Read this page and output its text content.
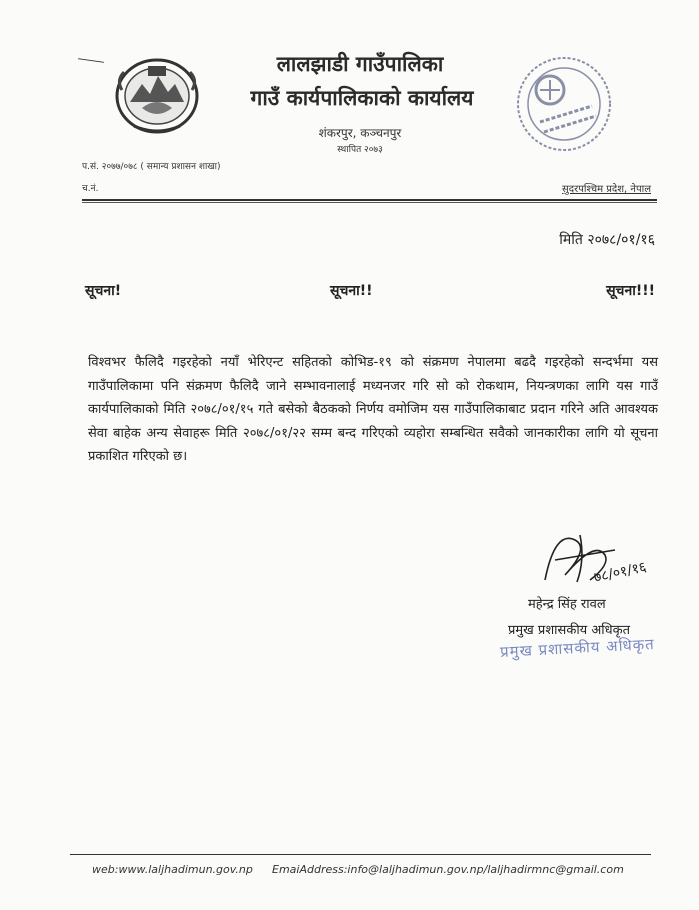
लालझाडी गाउँपालिका
गाउँ कार्यपालिकाको कार्यालय
शंकरपुर, कञ्चनपुर
स्थापित २०७३
प.सं. २०७७/०७८ ( समान्य प्रशासन शाखा)
च.नं.	सुदरपश्चिम प्रदेश, नेपाल
मिति २०७८/०१/१६
सूचना!	सूचना!!	सूचना!!!
विश्वभर फैलिदै गइरहेको नयाँ भेरिएन्ट सहितको कोभिड-१९ को संक्रमण नेपालमा बढदै गइरहेको सन्दर्भमा यस गाउँपालिकामा पनि संक्रमण फैलिदै जाने सम्भावनालाई मध्यनजर गरि सो को रोकथाम, नियन्त्रणका लागि यस गाउँ कार्यपालिकाको मिति २०७८/०१/१५ गते बसेको बैठकको निर्णय वमोजिम यस गाउँपालिकाबाट प्रदान गरिने अति आवश्यक सेवा बाहेक अन्य सेवाहरू मिति २०७८/०१/२२ सम्म बन्द गरिएको व्यहोरा सम्बन्धित सवैको जानकारीका लागि यो सूचना प्रकाशित गरिएको छ।
७८/०१/१६
महेन्द्र सिंह रावल
प्रमुख प्रशासकीय अधिकृत
प्रमुख प्रशासकीय अधिकृत
web:www.laljhadimun.gov.np EmaiAddress:info@laljhadimun.gov.np/laljhadirmnc@gmail.com
